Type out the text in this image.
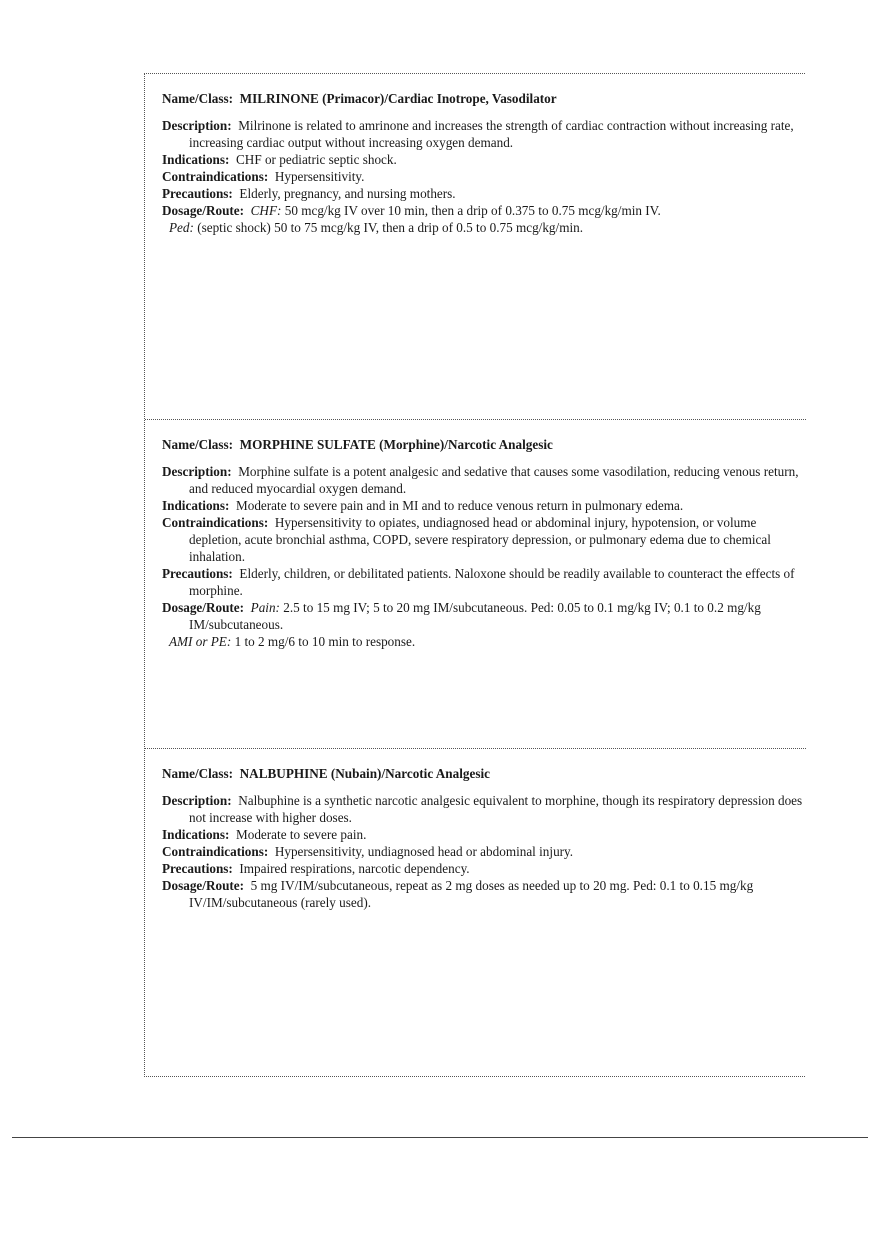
Name/Class: MILRINONE (Primacor)/Cardiac Inotrope, Vasodilator

Description: Milrinone is related to amrinone and increases the strength of cardiac contraction without increasing rate, increasing cardiac output without increasing oxygen demand.

Indications: CHF or pediatric septic shock.

Contraindications: Hypersensitivity.

Precautions: Elderly, pregnancy, and nursing mothers.

Dosage/Route: CHF: 50 mcg/kg IV over 10 min, then a drip of 0.375 to 0.75 mcg/kg/min IV.

Ped: (septic shock) 50 to 75 mcg/kg IV, then a drip of 0.5 to 0.75 mcg/kg/min.

Name/Class: MORPHINE SULFATE (Morphine)/Narcotic Analgesic

Description: Morphine sulfate is a potent analgesic and sedative that causes some vasodilation, reducing venous return, and reduced myocardial oxygen demand.

Indications: Moderate to severe pain and in MI and to reduce venous return in pulmonary edema.

Contraindications: Hypersensitivity to opiates, undiagnosed head or abdominal injury, hypotension, or volume depletion, acute bronchial asthma, COPD, severe respiratory depression, or pulmonary edema due to chemical inhalation.

Precautions: Elderly, children, or debilitated patients. Naloxone should be readily available to counteract the effects of morphine.

Dosage/Route: Pain: 2.5 to 15 mg IV; 5 to 20 mg IM/subcutaneous. Ped: 0.05 to 0.1 mg/kg IV; 0.1 to 0.2 mg/kg IM/subcutaneous.

AMI or PE: 1 to 2 mg/6 to 10 min to response.

Name/Class: NALBUPHINE (Nubain)/Narcotic Analgesic

Description: Nalbuphine is a synthetic narcotic analgesic equivalent to morphine, though its respiratory depression does not increase with higher doses.

Indications: Moderate to severe pain.

Contraindications: Hypersensitivity, undiagnosed head or abdominal injury.

Precautions: Impaired respirations, narcotic dependency.

Dosage/Route: 5 mg IV/IM/subcutaneous, repeat as 2 mg doses as needed up to 20 mg. Ped: 0.1 to 0.15 mg/kg IV/IM/subcutaneous (rarely used).
